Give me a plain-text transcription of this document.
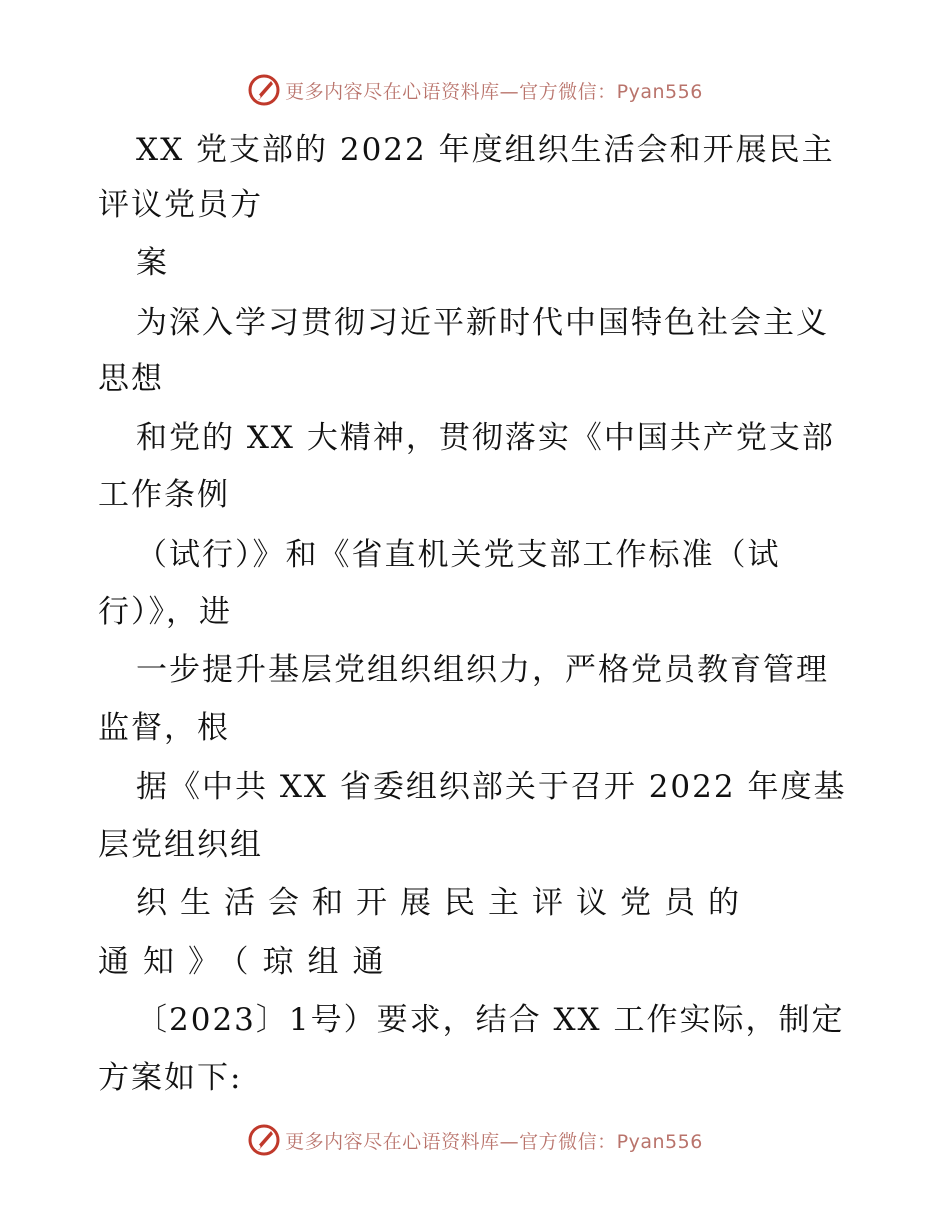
更多内容尽在心语资料库—官方微信：Pyan556
XX 党支部的 2022 年度组织生活会和开展民主
评议党员方
案
为深入学习贯彻习近平新时代中国特色社会主义
思想
和党的 XX 大精神，贯彻落实《中国共产党支部
工作条例
（试行）》和《省直机关党支部工作标准（试
行）》，进
一步提升基层党组织组织力，严格党员教育管理
监督，根
据《中共 XX 省委组织部关于召开 2022 年度基
层党组织组
织生活会和开展民主评议党员的
通知》（琼组通
〔2023〕1号）要求，结合 XX 工作实际，制定
方案如下:
更多内容尽在心语资料库—官方微信：Pyan556
